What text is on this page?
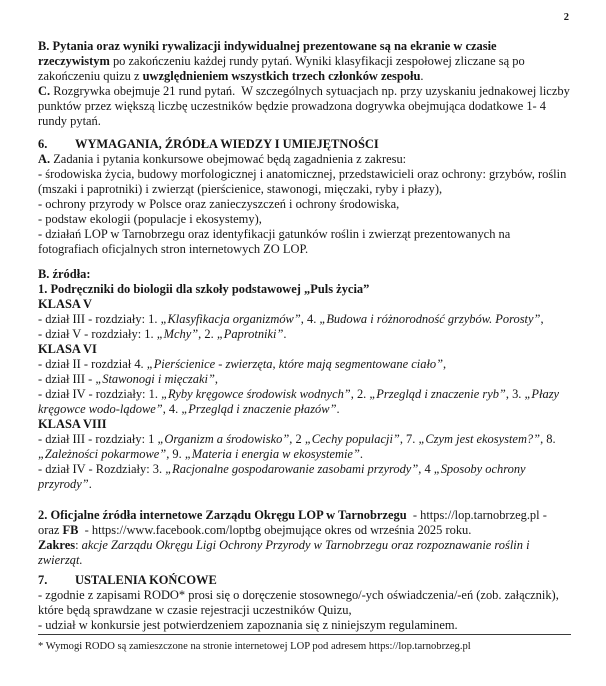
2
B. Pytania oraz wyniki rywalizacji indywidualnej prezentowane są na ekranie w czasie rzeczywistym po zakończeniu każdej rundy pytań. Wyniki klasyfikacji zespołowej zliczane są po zakończeniu quizu z uwzględnieniem wszystkich trzech członków zespołu.
C. Rozgrywka obejmuje 21 rund pytań.  W szczególnych sytuacjach np. przy uzyskaniu jednakowej liczby punktów przez większą liczbę uczestników będzie prowadzona dogrywka obejmująca dodatkowe 1- 4 rundy pytań.
6. WYMAGANIA, ŹRÓDŁA WIEDZY I UMIEJĘTNOŚCI
A. Zadania i pytania konkursowe obejmować będą zagadnienia z zakresu:
- środowiska życia, budowy morfologicznej i anatomicznej, przedstawicieli oraz ochrony: grzybów, roślin (mszaki i paprotniki) i zwierząt (pierścienice, stawonogi, mięczaki, ryby i płazy),
- ochrony przyrody w Polsce oraz zanieczyszczeń i ochrony środowiska,
- podstaw ekologii (populacje i ekosystemy),
- działań LOP w Tarnobrzegu oraz identyfikacji gatunków roślin i zwierząt prezentowanych na fotografiach oficjalnych stron internetowych ZO LOP.
B. źródła:
1. Podręczniki do biologii dla szkoły podstawowej „Puls życia”
KLASA V
- dział III - rozdziały: 1. „Klasyfikacja organizmów”, 4. „Budowa i różnorodność grzybów. Porosty”,
- dział V - rozdziały: 1. „Mchy”, 2. „Paprotniki”.
KLASA VI
- dział II - rozdział 4. „Pierścienice - zwierzęta, które mają segmentowane ciało”,
- dział III - „Stawonogi i mięczaki”,
- dział IV - rozdziały: 1. „Ryby kręgowce środowisk wodnych”, 2. „Przegląd i znaczenie ryb”, 3. „Płazy kręgowce wodo-lądowe”, 4. „Przegląd i znaczenie płazów”.
KLASA VIII
- dział III - rozdziały: 1 „Organizm a środowisko”, 2 „Cechy populacji”, 7. „Czym jest ekosystem?”, 8. „Zależności pokarmowe”, 9. „Materia i energia w ekosystemie”.
- dział IV - Rozdziały: 3. „Racjonalne gospodarowanie zasobami przyrody”, 4 „Sposoby ochrony przyrody”.
2. Oficjalne źródła internetowe Zarządu Okręgu LOP w Tarnobrzegu  - https://lop.tarnobrzeg.pl - oraz FB  - https://www.facebook.com/loptbg obejmujące okres od września 2025 roku.
Zakres: akcje Zarządu Okręgu Ligi Ochrony Przyrody w Tarnobrzegu oraz rozpoznawanie roślin i zwierząt.
7. USTALENIA KOŃCOWE
- zgodnie z zapisami RODO* prosi się o doręczenie stosownego/-ych oświadczenia/-eń (zob. załącznik), które będą sprawdzane w czasie rejestracji uczestników Quizu,
- udział w konkursie jest potwierdzeniem zapoznania się z niniejszym regulaminem.
* Wymogi RODO są zamieszczone na stronie internetowej LOP pod adresem https://lop.tarnobrzeg.pl
